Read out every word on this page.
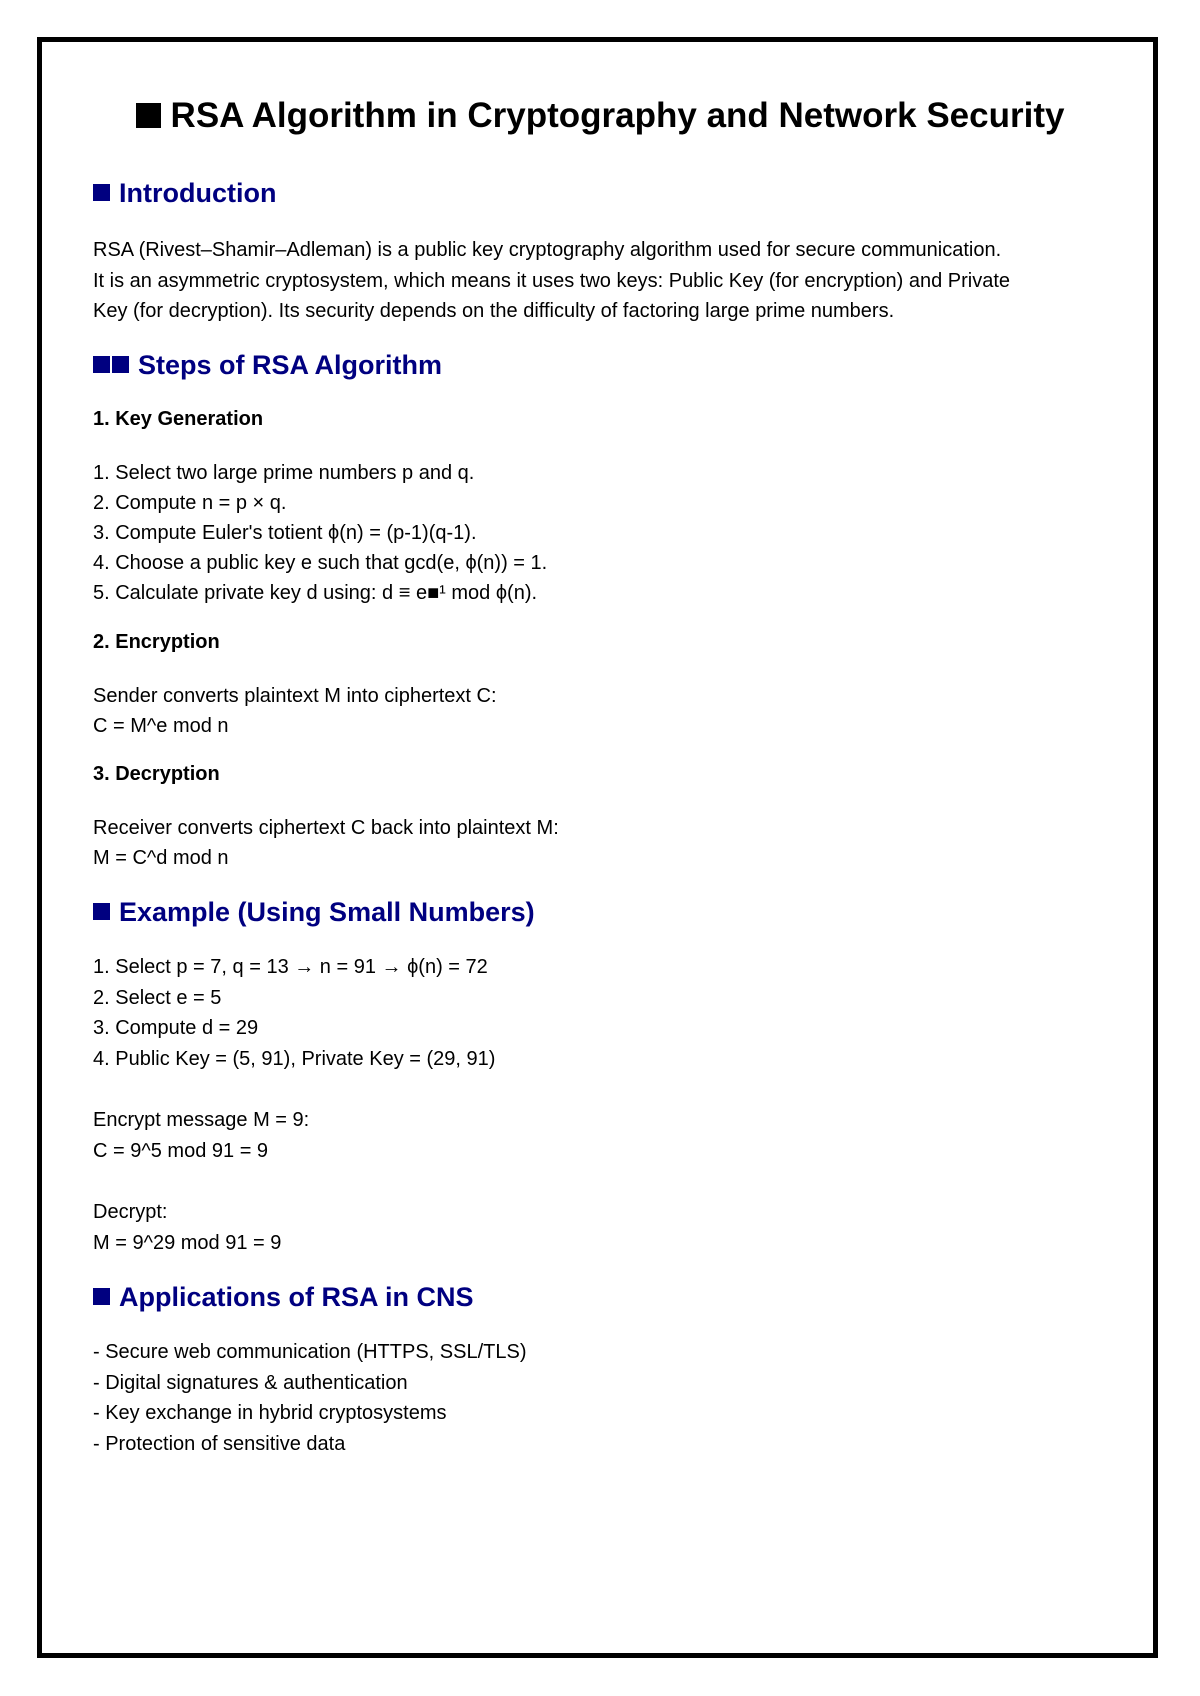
RSA Algorithm in Cryptography and Network Security
Introduction
RSA (Rivest–Shamir–Adleman) is a public key cryptography algorithm used for secure communication.
It is an asymmetric cryptosystem, which means it uses two keys: Public Key (for encryption) and Private
Key (for decryption). Its security depends on the difficulty of factoring large prime numbers.
Steps of RSA Algorithm
1. Key Generation
1. Select two large prime numbers p and q.
2. Compute n = p × q.
3. Compute Euler's totient ϕ(n) = (p-1)(q-1).
4. Choose a public key e such that gcd(e, ϕ(n)) = 1.
5. Calculate private key d using: d ≡ e■¹ mod ϕ(n).
2. Encryption
Sender converts plaintext M into ciphertext C:
C = M^e mod n
3. Decryption
Receiver converts ciphertext C back into plaintext M:
M = C^d mod n
Example (Using Small Numbers)
1. Select p = 7, q = 13 → n = 91 → ϕ(n) = 72
2. Select e = 5
3. Compute d = 29
4. Public Key = (5, 91), Private Key = (29, 91)
Encrypt message M = 9:
C = 9^5 mod 91 = 9
Decrypt:
M = 9^29 mod 91 = 9
Applications of RSA in CNS
- Secure web communication (HTTPS, SSL/TLS)
- Digital signatures & authentication
- Key exchange in hybrid cryptosystems
- Protection of sensitive data
